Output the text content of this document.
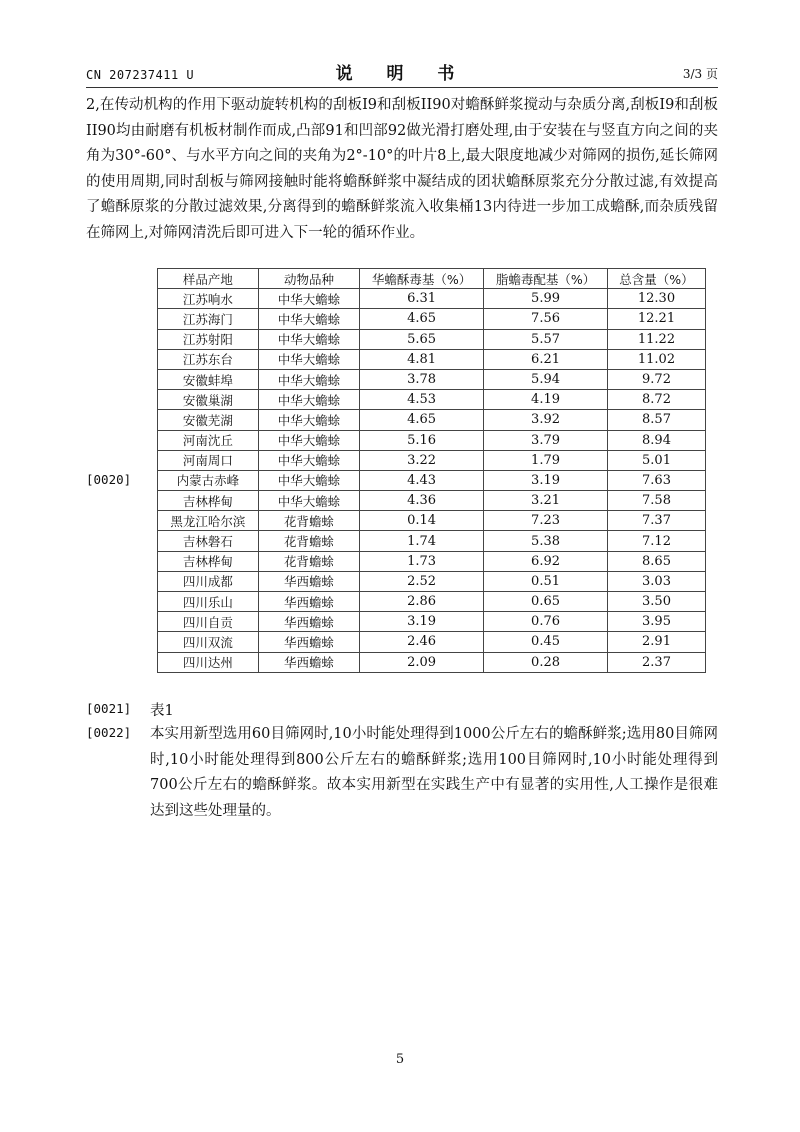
CN 207237411 U	说 明 书	3/3 页

2,在传动机构的作用下驱动旋转机构的刮板I9和刮板II90对蟾酥鲜浆搅动与杂质分离,刮板I9和刮板II90均由耐磨有机板材制作而成,凸部91和凹部92做光滑打磨处理,由于安装在与竖直方向之间的夹角为30°-60°、与水平方向之间的夹角为2°-10°的叶片8上,最大限度地减少对筛网的损伤,延长筛网的使用周期,同时刮板与筛网接触时能将蟾酥鲜浆中凝结成的团状蟾酥原浆充分分散过滤,有效提高了蟾酥原浆的分散过滤效果,分离得到的蟾酥鲜浆流入收集桶13内待进一步加工成蟾酥,而杂质残留在筛网上,对筛网清洗后即可进入下一轮的循环作业。

[0020]
样品产地	动物品种	华蟾酥毒基（%）	脂蟾毒配基（%）	总含量（%）
江苏响水	中华大蟾蜍	6.31	5.99	12.30
江苏海门	中华大蟾蜍	4.65	7.56	12.21
江苏射阳	中华大蟾蜍	5.65	5.57	11.22
江苏东台	中华大蟾蜍	4.81	6.21	11.02
安徽蚌埠	中华大蟾蜍	3.78	5.94	9.72
安徽巢湖	中华大蟾蜍	4.53	4.19	8.72
安徽芜湖	中华大蟾蜍	4.65	3.92	8.57
河南沈丘	中华大蟾蜍	5.16	3.79	8.94
河南周口	中华大蟾蜍	3.22	1.79	5.01
内蒙古赤峰	中华大蟾蜍	4.43	3.19	7.63
吉林桦甸	中华大蟾蜍	4.36	3.21	7.58
黑龙江哈尔滨	花背蟾蜍	0.14	7.23	7.37
吉林磐石	花背蟾蜍	1.74	5.38	7.12
吉林桦甸	花背蟾蜍	1.73	6.92	8.65
四川成都	华西蟾蜍	2.52	0.51	3.03
四川乐山	华西蟾蜍	2.86	0.65	3.50
四川自贡	华西蟾蜍	3.19	0.76	3.95
四川双流	华西蟾蜍	2.46	0.45	2.91
四川达州	华西蟾蜍	2.09	0.28	2.37
[0021] 表1
[0022] 本实用新型选用60目筛网时,10小时能处理得到1000公斤左右的蟾酥鲜浆;选用80目筛网时,10小时能处理得到800公斤左右的蟾酥鲜浆;选用100目筛网时,10小时能处理得到700公斤左右的蟾酥鲜浆。故本实用新型在实践生产中有显著的实用性,人工操作是很难达到这些处理量的。

5
